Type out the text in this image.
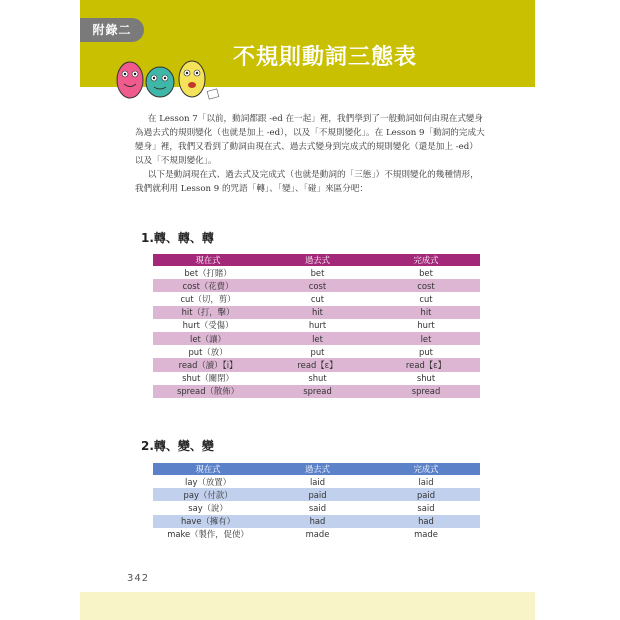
附錄二
不規則動詞三態表

在 Lesson 7「以前，動詞都跟 -ed 在一起」裡，我們學到了一般動詞如何由現在式變身為過去式的規則變化（也就是加上 -ed），以及「不規則變化」。在 Lesson 9「動詞的完成大變身」裡，我們又看到了動詞由現在式、過去式變身到完成式的規則變化（還是加上 -ed）以及「不規則變化」。

以下是動詞現在式、過去式及完成式（也就是動詞的「三態」）不規則變化的幾種情形，我們就利用 Lesson 9 的咒語「轉」、「變」、「碰」來區分吧：

1.轉、轉、轉
現在式	過去式	完成式
bet（打賭）	bet	bet
cost（花費）	cost	cost
cut（切，剪）	cut	cut
hit（打，擊）	hit	hit
hurt（受傷）	hurt	hurt
let（讓）	let	let
put（放）	put	put
read（讀）【i】	read【ε】	read【ε】
shut（關閉）	shut	shut
spread（散佈）	spread	spread
2.轉、變、變
現在式	過去式	完成式
lay（放置）	laid	laid
pay（付款）	paid	paid
say（說）	said	said
have（擁有）	had	had
make（製作，促使）	made	made
342
